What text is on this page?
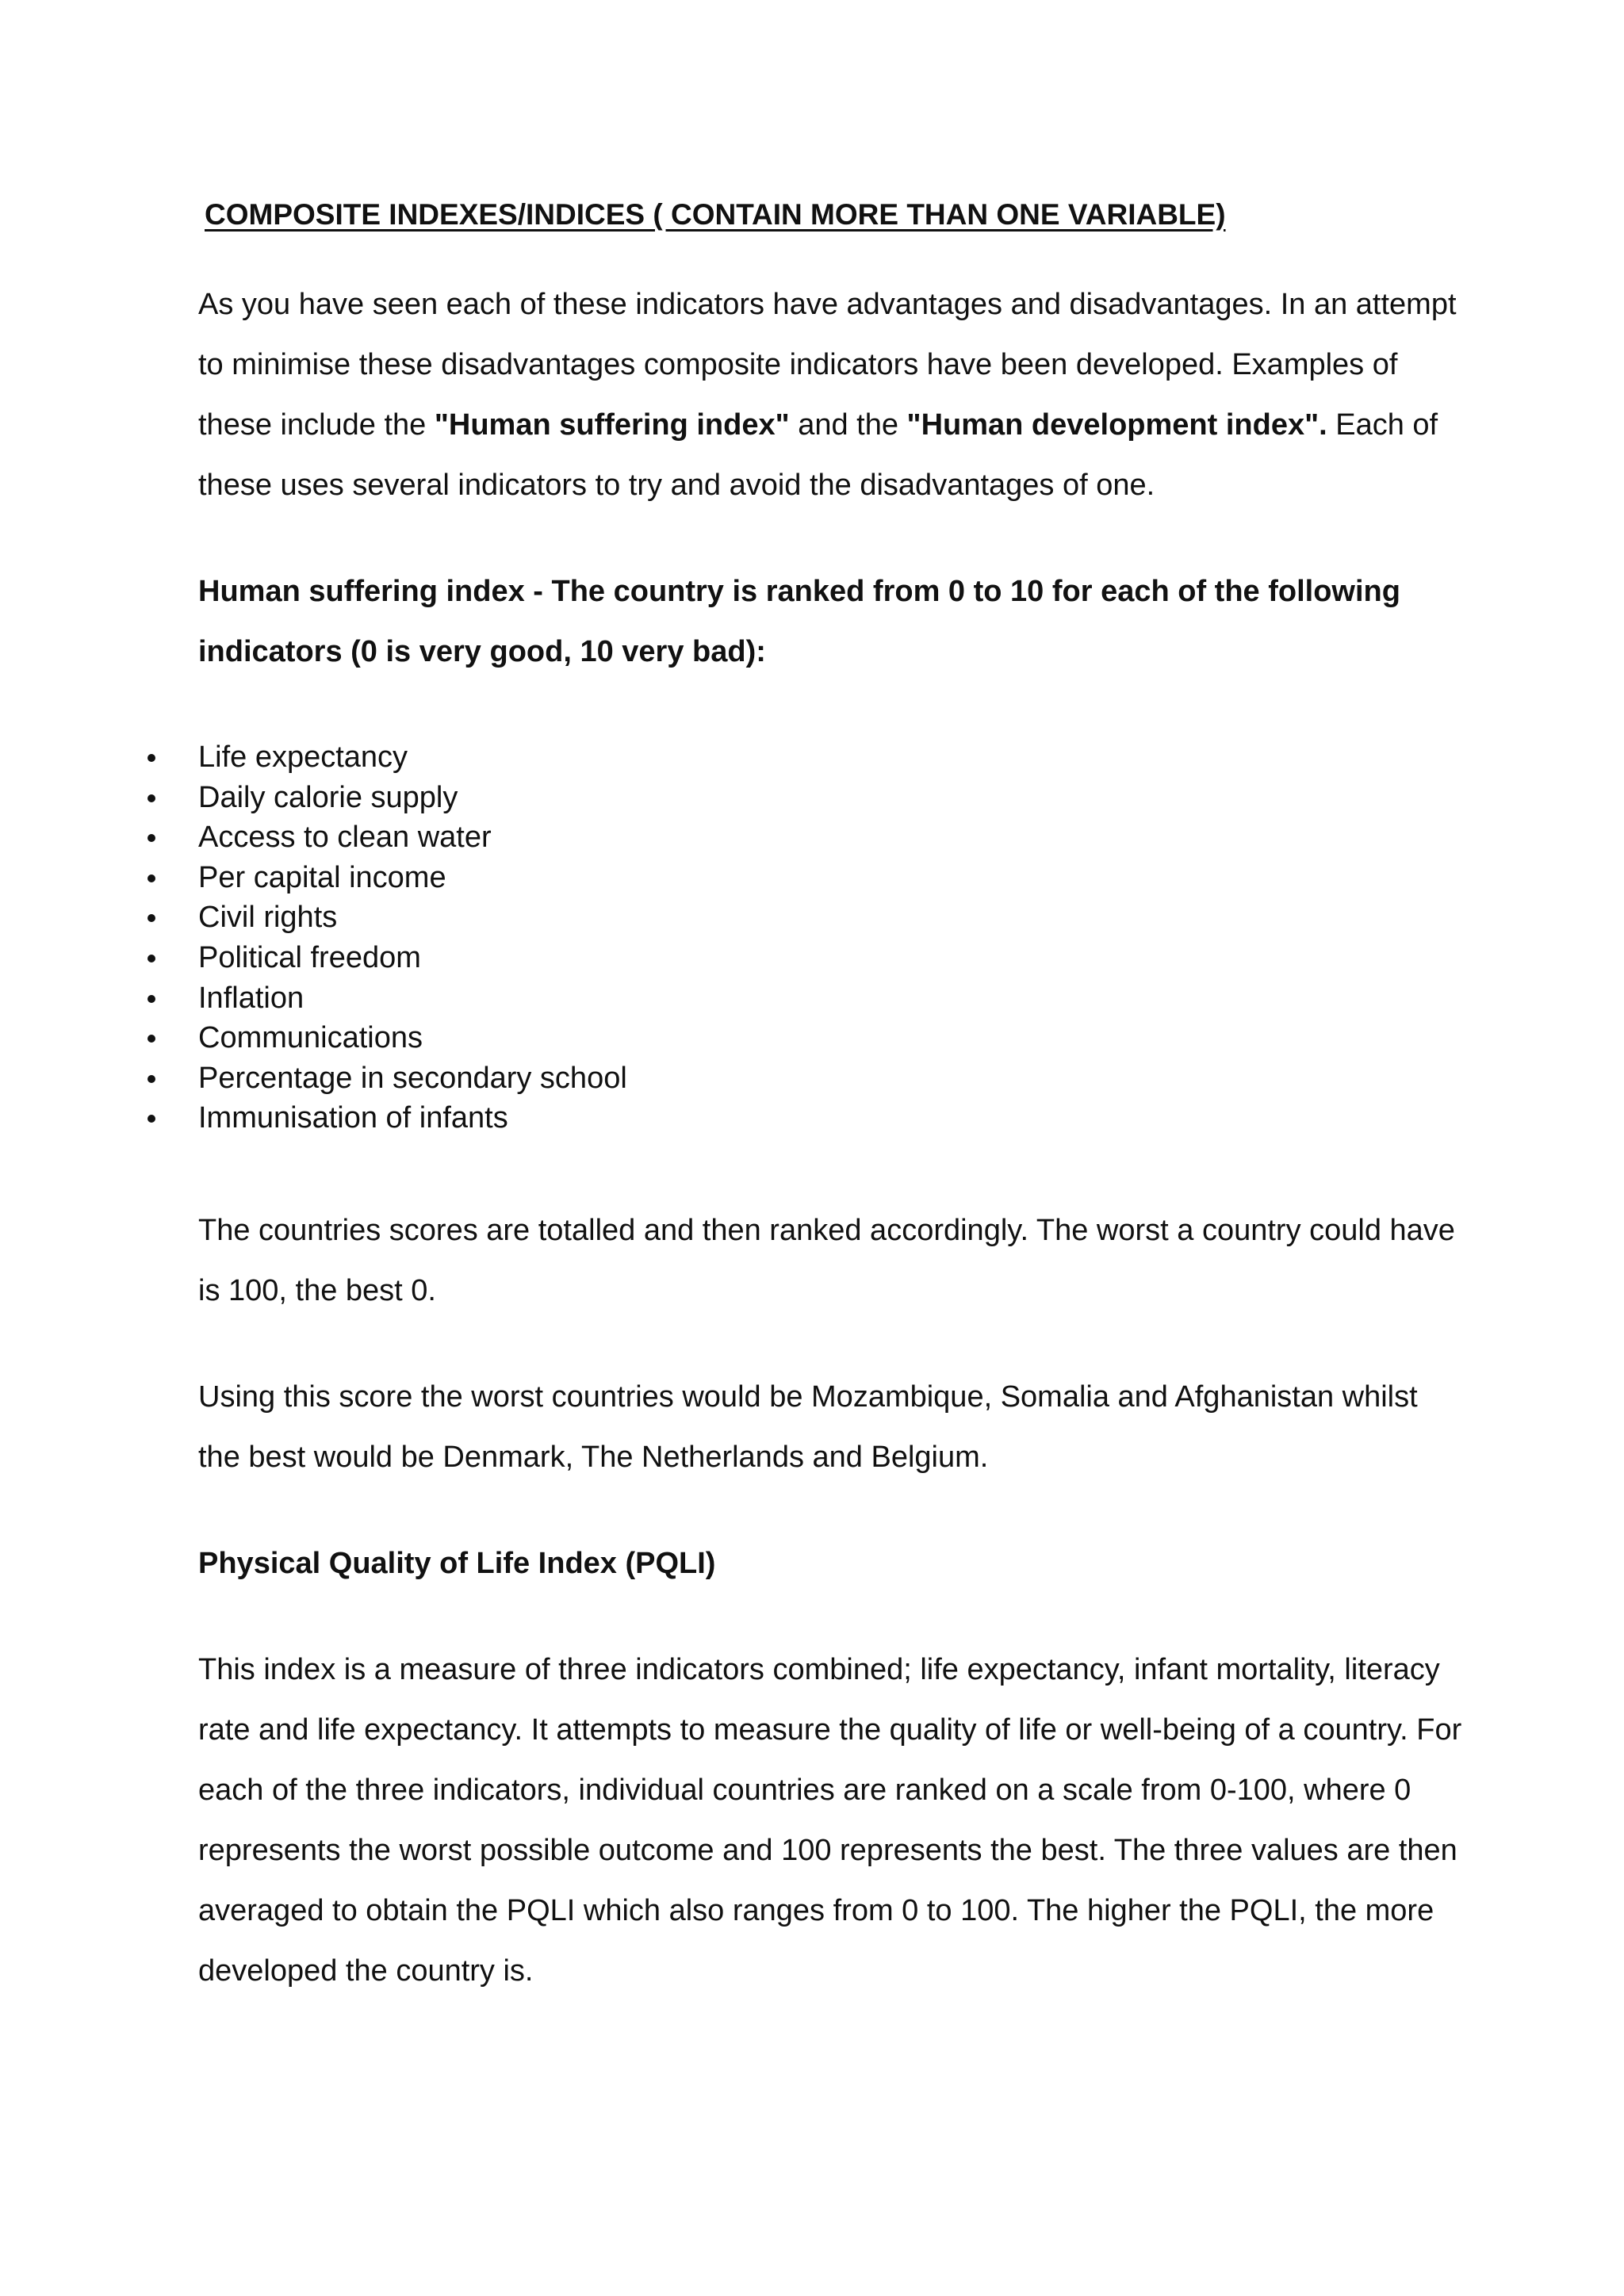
COMPOSITE INDEXES/INDICES ( CONTAIN MORE THAN ONE VARIABLE)

As you have seen each of these indicators have advantages and disadvantages. In an attempt to minimise these disadvantages composite indicators have been developed. Examples of these include the "Human suffering index" and the "Human development index". Each of these uses several indicators to try and avoid the disadvantages of one.

Human suffering index - The country is ranked from 0 to 10 for each of the following indicators (0 is very good, 10 very bad):

Life expectancy
Daily calorie supply
Access to clean water
Per capital income
Civil rights
Political freedom
Inflation
Communications
Percentage in secondary school
Immunisation of infants

The countries scores are totalled and then ranked accordingly. The worst a country could have is 100, the best 0.

Using this score the worst countries would be Mozambique, Somalia and Afghanistan whilst the best would be Denmark, The Netherlands and Belgium.

Physical Quality of Life Index (PQLI)

This index is a measure of three indicators combined; life expectancy, infant mortality, literacy rate and life expectancy. It attempts to measure the quality of life or well-being of a country. For each of the three indicators, individual countries are ranked on a scale from 0-100, where 0 represents the worst possible outcome and 100 represents the best. The three values are then averaged to obtain the PQLI which also ranges from 0 to 100. The higher the PQLI, the more developed the country is.
